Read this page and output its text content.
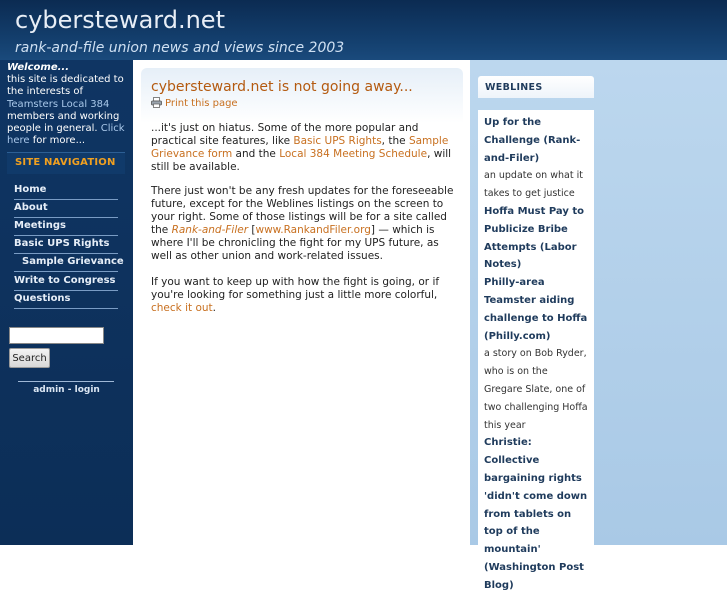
cybersteward.net
rank-and-file union news and views since 2003
Welcome...
this site is dedicated to the interests of Teamsters Local 384 members and working people in general. Click here for more...
SITE NAVIGATION
Home
About
Meetings
Basic UPS Rights
Sample Grievance
Write to Congress
Questions
Search
admin - login
cybersteward.net is not going away...
Print this page
...it's just on hiatus. Some of the more popular and practical site features, like Basic UPS Rights, the Sample Grievance form and the Local 384 Meeting Schedule, will still be available.
There just won't be any fresh updates for the foreseeable future, except for the Weblines listings on the screen to your right. Some of those listings will be for a site called the Rank-and-Filer [www.RankandFiler.org] — which is where I'll be chronicling the fight for my UPS future, as well as other union and work-related issues.
If you want to keep up with how the fight is going, or if you're looking for something just a little more colorful, check it out.
WEBLINES
Up for the Challenge (Rank-and-Filer)
an update on what it takes to get justice
Hoffa Must Pay to Publicize Bribe Attempts (Labor Notes)
Philly-area Teamster aiding challenge to Hoffa (Philly.com)
a story on Bob Ryder, who is on the Gregare Slate, one of two challenging Hoffa this year
Christie: Collective bargaining rights 'didn't come down from tablets on top of the mountain' (Washington Post Blog)
